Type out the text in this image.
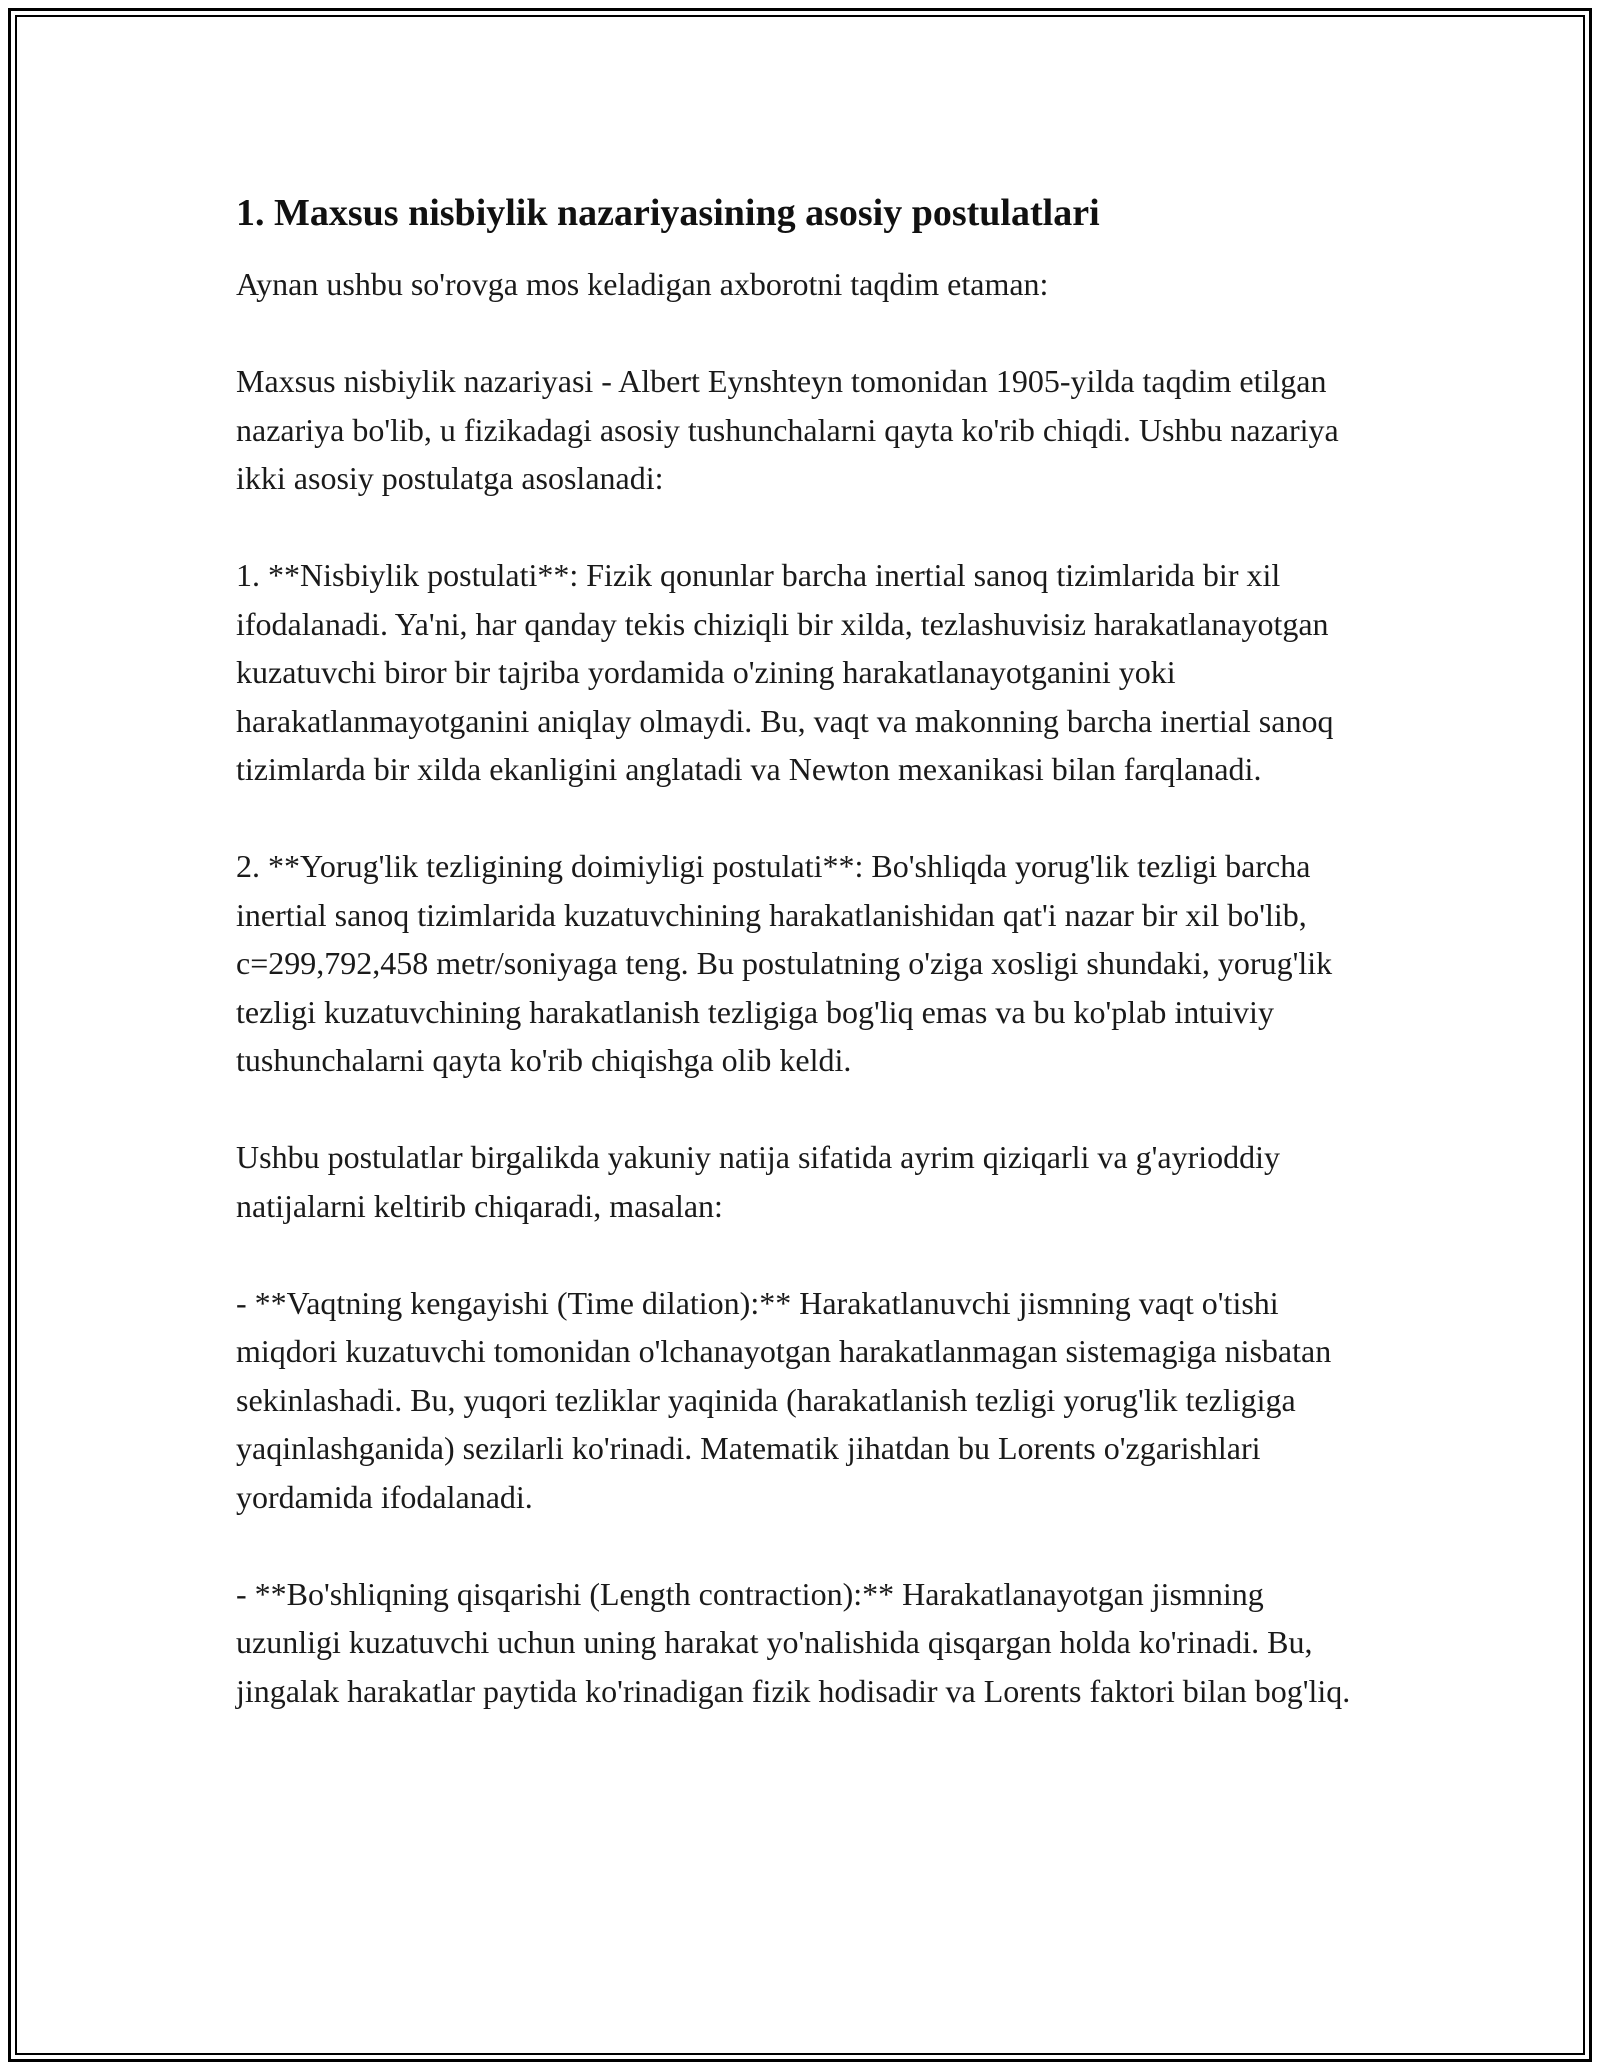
1. Maxsus nisbiylik nazariyasining asosiy postulatlari

Aynan ushbu so'rovga mos keladigan axborotni taqdim etaman:

Maxsus nisbiylik nazariyasi - Albert Eynshteyn tomonidan 1905-yilda taqdim etilgan nazariya bo'lib, u fizikadagi asosiy tushunchalarni qayta ko'rib chiqdi. Ushbu nazariya ikki asosiy postulatga asoslanadi:

1. **Nisbiylik postulati**: Fizik qonunlar barcha inertial sanoq tizimlarida bir xil ifodalanadi. Ya'ni, har qanday tekis chiziqli bir xilda, tezlashuvisiz harakatlanayotgan kuzatuvchi biror bir tajriba yordamida o'zining harakatlanayotganini yoki harakatlanmayotganini aniqlay olmaydi. Bu, vaqt va makonning barcha inertial sanoq tizimlarda bir xilda ekanligini anglatadi va Newton mexanikasi bilan farqlanadi.

2. **Yorug'lik tezligining doimiyligi postulati**: Bo'shliqda yorug'lik tezligi barcha inertial sanoq tizimlarida kuzatuvchining harakatlanishidan qat'i nazar bir xil bo'lib, c=299,792,458 metr/soniyaga teng. Bu postulatning o'ziga xosligi shundaki, yorug'lik tezligi kuzatuvchining harakatlanish tezligiga bog'liq emas va bu ko'plab intuiviy tushunchalarni qayta ko'rib chiqishga olib keldi.

Ushbu postulatlar birgalikda yakuniy natija sifatida ayrim qiziqarli va g'ayrioddiy natijalarni keltirib chiqaradi, masalan:

- **Vaqtning kengayishi (Time dilation):** Harakatlanuvchi jismning vaqt o'tishi miqdori kuzatuvchi tomonidan o'lchanayotgan harakatlanmagan sistemagiga nisbatan sekinlashadi. Bu, yuqori tezliklar yaqinida (harakatlanish tezligi yorug'lik tezligiga yaqinlashganida) sezilarli ko'rinadi. Matematik jihatdan bu Lorents o'zgarishlari yordamida ifodalanadi.

- **Bo'shliqning qisqarishi (Length contraction):** Harakatlanayotgan jismning uzunligi kuzatuvchi uchun uning harakat yo'nalishida qisqargan holda ko'rinadi. Bu, jingalak harakatlar paytida ko'rinadigan fizik hodisadir va Lorents faktori bilan bog'liq.
